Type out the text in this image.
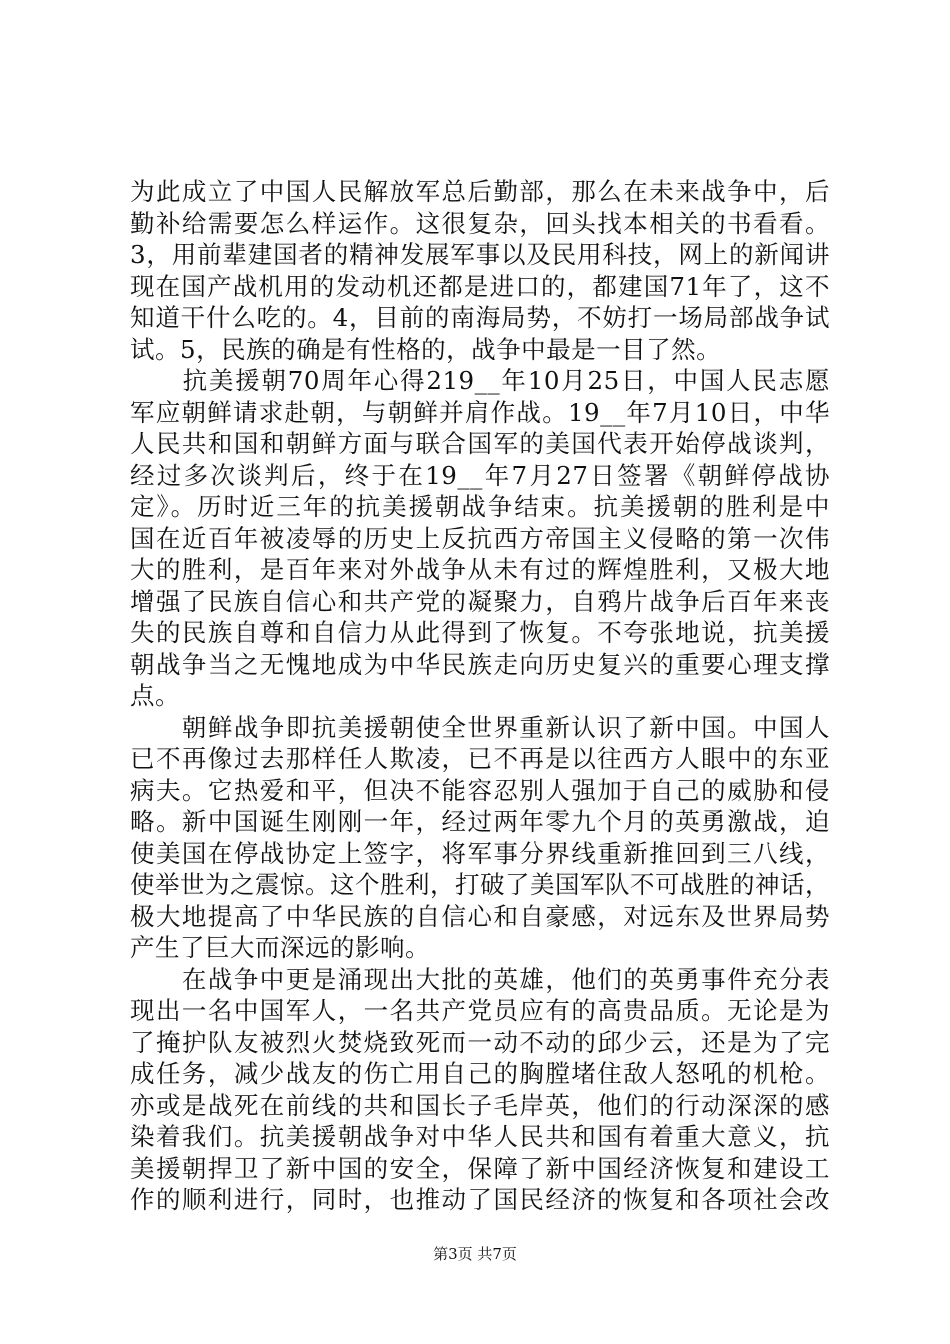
为此成立了中国人民解放军总后勤部，那么在未来战争中，后
勤补给需要怎么样运作。这很复杂，回头找本相关的书看看。
3，用前辈建国者的精神发展军事以及民用科技，网上的新闻讲
现在国产战机用的发动机还都是进口的，都建国71年了，这不
知道干什么吃的。4，目前的南海局势，不妨打一场局部战争试
试。5，民族的确是有性格的，战争中最是一目了然。
　　抗美援朝70周年心得219__年10月25日，中国人民志愿
军应朝鲜请求赴朝，与朝鲜并肩作战。19__年7月10日，中华
人民共和国和朝鲜方面与联合国军的美国代表开始停战谈判，
经过多次谈判后，终于在19__年7月27日签署《朝鲜停战协
定》。历时近三年的抗美援朝战争结束。抗美援朝的胜利是中
国在近百年被凌辱的历史上反抗西方帝国主义侵略的第一次伟
大的胜利，是百年来对外战争从未有过的辉煌胜利，又极大地
增强了民族自信心和共产党的凝聚力，自鸦片战争后百年来丧
失的民族自尊和自信力从此得到了恢复。不夸张地说，抗美援
朝战争当之无愧地成为中华民族走向历史复兴的重要心理支撑
点。
　　朝鲜战争即抗美援朝使全世界重新认识了新中国。中国人
已不再像过去那样任人欺凌，已不再是以往西方人眼中的东亚
病夫。它热爱和平，但决不能容忍别人强加于自己的威胁和侵
略。新中国诞生刚刚一年，经过两年零九个月的英勇激战，迫
使美国在停战协定上签字，将军事分界线重新推回到三八线，
使举世为之震惊。这个胜利，打破了美国军队不可战胜的神话，
极大地提高了中华民族的自信心和自豪感，对远东及世界局势
产生了巨大而深远的影响。
　　在战争中更是涌现出大批的英雄，他们的英勇事件充分表
现出一名中国军人，一名共产党员应有的高贵品质。无论是为
了掩护队友被烈火焚烧致死而一动不动的邱少云，还是为了完
成任务，减少战友的伤亡用自己的胸膛堵住敌人怒吼的机枪。
亦或是战死在前线的共和国长子毛岸英，他们的行动深深的感
染着我们。抗美援朝战争对中华人民共和国有着重大意义，抗
美援朝捍卫了新中国的安全，保障了新中国经济恢复和建设工
作的顺利进行，同时，也推动了国民经济的恢复和各项社会改
第3页 共7页
